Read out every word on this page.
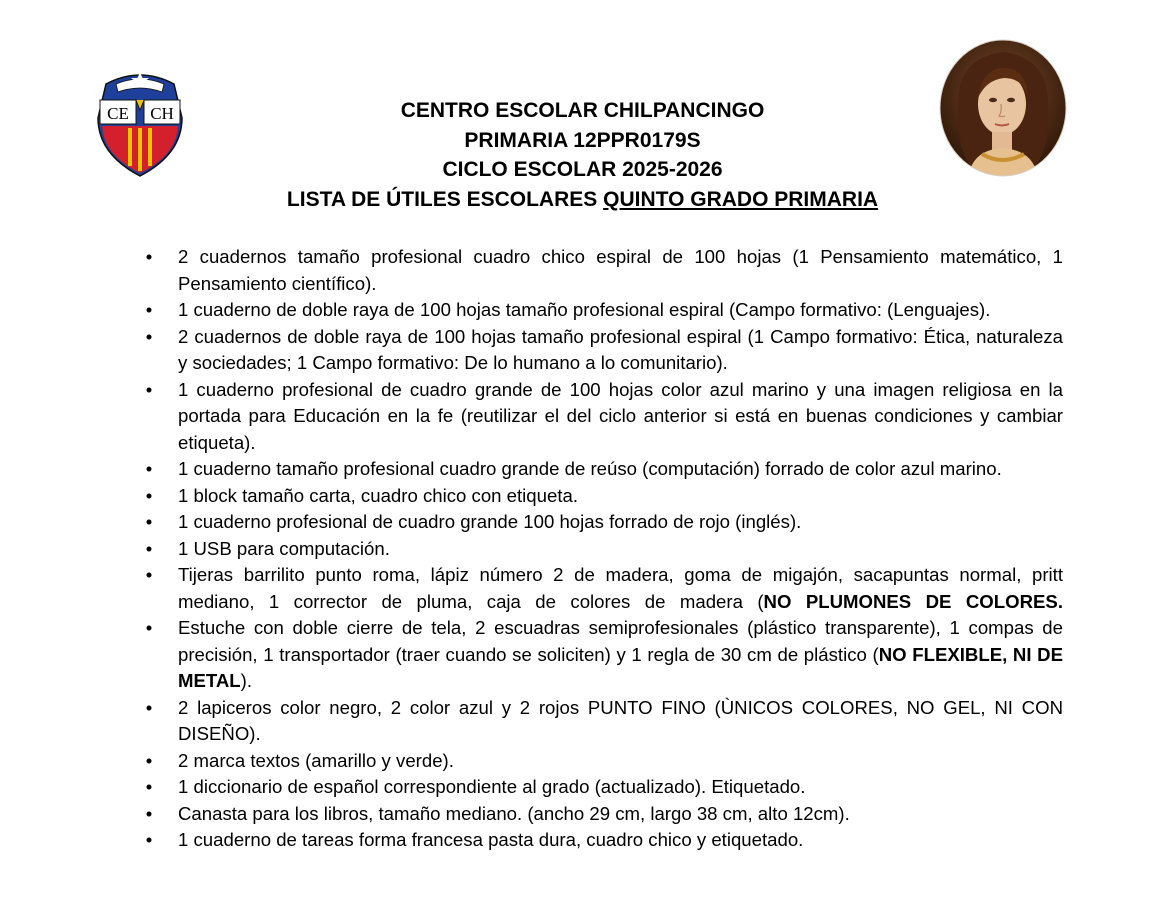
CE CH	CENTRO ESCOLAR CHILPANCINGO
PRIMARIA 12PPR0179S
CICLO ESCOLAR 2025-2026
LISTA DE ÚTILES ESCOLARES QUINTO GRADO PRIMARIA
• 2 cuadernos tamaño profesional cuadro chico espiral de 100 hojas (1 Pensamiento matemático, 1 Pensamiento científico).
• 1 cuaderno de doble raya de 100 hojas tamaño profesional espiral (Campo formativo: (Lenguajes).
• 2 cuadernos de doble raya de 100 hojas tamaño profesional espiral (1 Campo formativo: Ética, naturaleza y sociedades; 1 Campo formativo: De lo humano a lo comunitario).
• 1 cuaderno profesional de cuadro grande de 100 hojas color azul marino y una imagen religiosa en la portada para Educación en la fe (reutilizar el del ciclo anterior si está en buenas condiciones y cambiar etiqueta).
• 1 cuaderno tamaño profesional cuadro grande de reúso (computación) forrado de color azul marino.
• 1 block tamaño carta, cuadro chico con etiqueta.
• 1 cuaderno profesional de cuadro grande 100 hojas forrado de rojo (inglés).
• 1 USB para computación.
• Tijeras barrilito punto roma, lápiz número 2 de madera, goma de migajón, sacapuntas normal, pritt mediano, 1 corrector de pluma, caja de colores de madera (NO PLUMONES DE COLORES.
• Estuche con doble cierre de tela, 2 escuadras semiprofesionales (plástico transparente), 1 compas de precisión, 1 transportador (traer cuando se soliciten) y 1 regla de 30 cm de plástico (NO FLEXIBLE, NI DE METAL).
• 2 lapiceros color negro, 2 color azul y 2 rojos PUNTO FINO (ÙNICOS COLORES, NO GEL, NI CON DISEÑO).
• 2 marca textos (amarillo y verde).
• 1 diccionario de español correspondiente al grado (actualizado). Etiquetado.
• Canasta para los libros, tamaño mediano. (ancho 29 cm, largo 38 cm, alto 12cm).
• 1 cuaderno de tareas forma francesa pasta dura, cuadro chico y etiquetado.
